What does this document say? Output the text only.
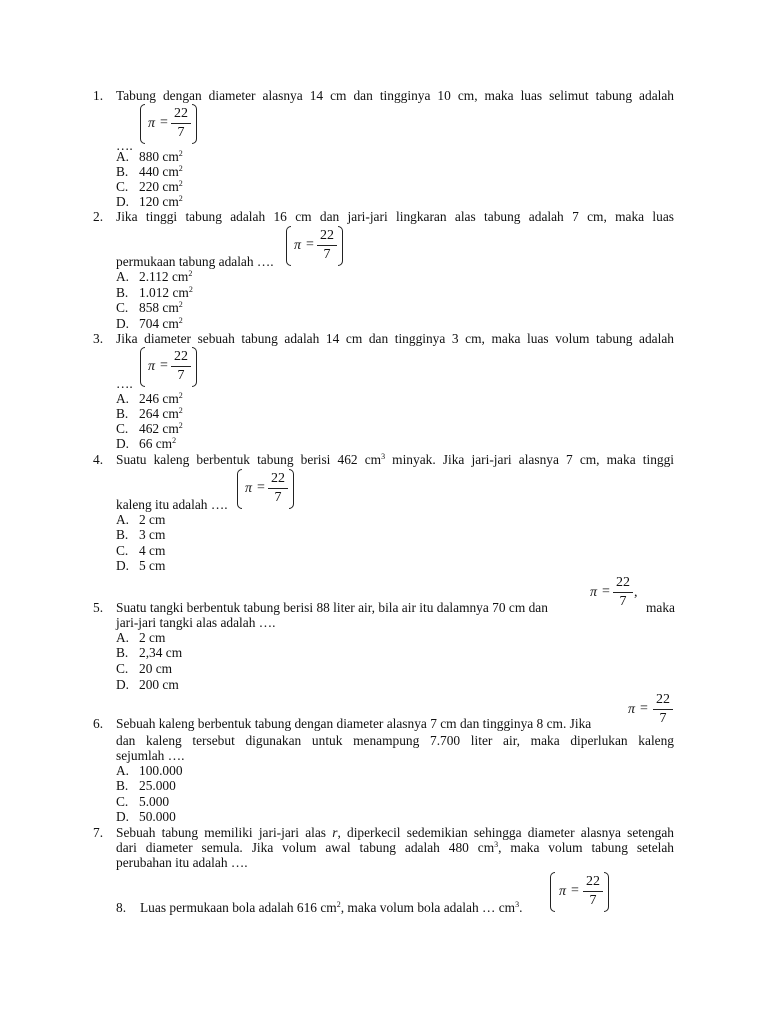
1. Tabung dengan diameter alasnya 14 cm dan tingginya 10 cm, maka luas selimut tabung adalah
π =
22
7
….
A. 880 $cm^2$
B. 440 $cm^2$
C. 220 $cm^2$
D. 120 $cm^2$
2. Jika tinggi tabung adalah 16 cm dan jari-jari lingkaran alas tabung adalah 7 cm, maka luas
π =
22
7
permukaan tabung adalah ….
A. 2.112 $cm^2$
B. 1.012 $cm^2$
C. 858 $cm^2$
D. 704 $cm^2$
3. Jika diameter sebuah tabung adalah 14 cm dan tingginya 3 cm, maka luas volum tabung adalah
π =
22
7
….
A. 246 $cm^2$
B. 264 $cm^2$
C. 462 $cm^2$
D. 66 $cm^2$
4. Suatu kaleng berbentuk tabung berisi 462 $cm^3$ minyak. Jika jari-jari alasnya 7 cm, maka tinggi
π =
22
7
kaleng itu adalah ….
A. 2 cm
B. 3 cm
C. 4 cm
D. 5 cm
5. Suatu tangki berbentuk tabung berisi 88 liter air, bila air itu dalamnya 70 cm dan
π =
22
7
,
maka
jari-jari tangki alas adalah ….
A. 2 cm
B. 2,34 cm
C. 20 cm
D. 200 cm
π =
22
7
6. Sebuah kaleng berbentuk tabung dengan diameter alasnya 7 cm dan tingginya 8 cm. Jika
dan kaleng tersebut digunakan untuk menampung 7.700 liter air, maka diperlukan kaleng
sejumlah ….
A. 100.000
B. 25.000
C. 5.000
D. 50.000
7. Sebuah tabung memiliki jari-jari alas r, diperkecil sedemikian sehingga diameter alasnya setengah
dari diameter semula. Jika volum awal tabung adalah 480 $cm^3$, maka volum tabung setelah
perubahan itu adalah ….
8. Luas permukaan bola adalah 616 $cm^2$, maka volum bola adalah … $cm^3$.
π =
22
7
